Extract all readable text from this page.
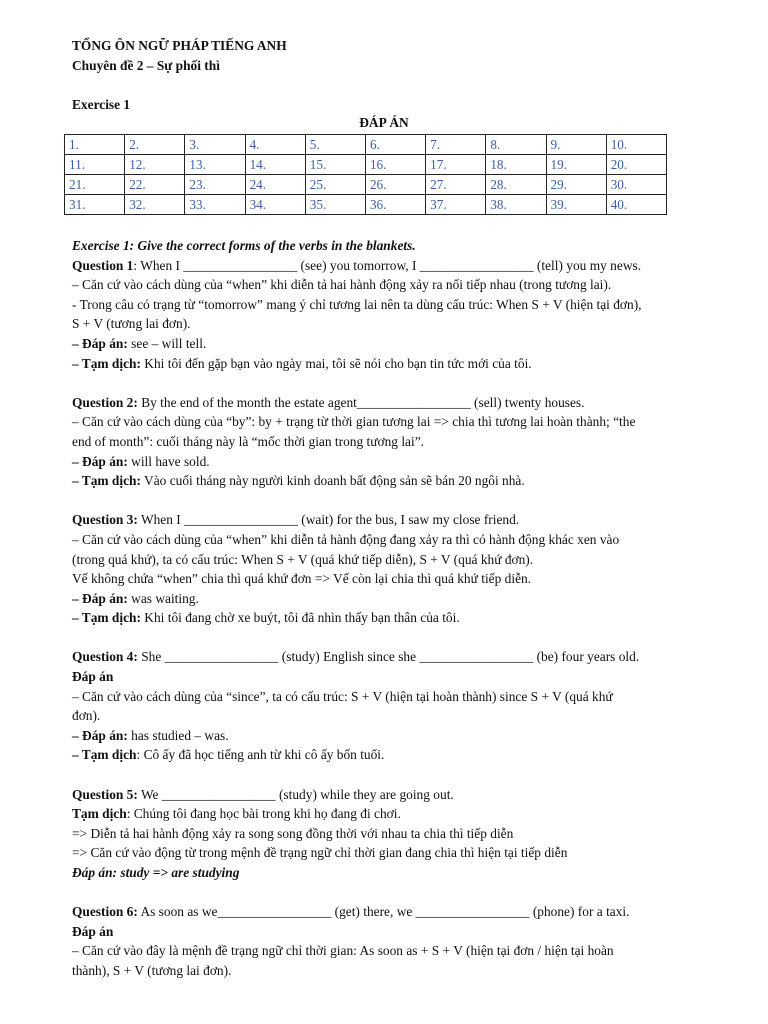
TỔNG ÔN NGỮ PHÁP TIẾNG ANH
Chuyên đề 2 – Sự phối thì
Exercise 1
ĐÁP ÁN
1.	2.	3.	4.	5.	6.	7.	8.	9.	10.
11.	12.	13.	14.	15.	16.	17.	18.	19.	20.
21.	22.	23.	24.	25.	26.	27.	28.	29.	30.
31.	32.	33.	34.	35.	36.	37.	38.	39.	40.

Exercise 1: Give the correct forms of the verbs in the blankets.

Question 1: When I _________________ (see) you tomorrow, I _________________ (tell) you my news.

– Căn cứ vào cách dùng của “when” khi diễn tả hai hành động xảy ra nối tiếp nhau (trong tương lai).

- Trong câu có trạng từ “tomorrow” mang ý chỉ tương lai nên ta dùng cấu trúc: When S + V (hiện tại đơn),

S + V (tương lai đơn).

– Đáp án: see – will tell.

– Tạm dịch: Khi tôi đến gặp bạn vào ngày mai, tôi sẽ nói cho bạn tin tức mới của tôi.

Question 2: By the end of the month the estate agent_________________ (sell) twenty houses.

– Căn cứ vào cách dùng của “by”: by + trạng từ thời gian tương lai => chia thì tương lai hoàn thành; “the

end of month”: cuối tháng này là “mốc thời gian trong tương lai”.

– Đáp án: will have sold.

– Tạm dịch: Vào cuối tháng này người kinh doanh bất động sản sẽ bán 20 ngôi nhà.

Question 3: When I _________________ (wait) for the bus, I saw my close friend.

– Căn cứ vào cách dùng của “when” khi diễn tả hành động đang xảy ra thì có hành động khác xen vào

(trong quá khứ), ta có cấu trúc: When S + V (quá khứ tiếp diễn), S + V (quá khứ đơn).

Vế không chứa “when” chia thì quá khứ đơn => Vế còn lại chia thì quá khứ tiếp diễn.

– Đáp án: was waiting.

– Tạm dịch: Khi tôi đang chờ xe buýt, tôi đã nhìn thấy bạn thân của tôi.

Question 4: She _________________ (study) English since she _________________ (be) four years old.

Đáp án

– Căn cứ vào cách dùng của “since”, ta có cấu trúc: S + V (hiện tại hoàn thành) since S + V (quá khứ

đơn).

– Đáp án: has studied – was.

– Tạm dịch: Cô ấy đã học tiếng anh từ khi cô ấy bốn tuổi.

Question 5: We _________________ (study) while they are going out.

Tạm dịch: Chúng tôi đang học bài trong khi họ đang đi chơi.

=> Diễn tả hai hành động xảy ra song song đồng thời với nhau ta chia thì tiếp diễn

=> Căn cứ vào động từ trong mệnh đề trạng ngữ chỉ thời gian đang chia thì hiện tại tiếp diễn

Đáp án: study => are studying

Question 6: As soon as we_________________ (get) there, we _________________ (phone) for a taxi.

Đáp án

– Căn cứ vào đây là mệnh đề trạng ngữ chỉ thời gian: As soon as + S + V (hiện tại đơn / hiện tại hoàn

thành), S + V (tương lai đơn).
